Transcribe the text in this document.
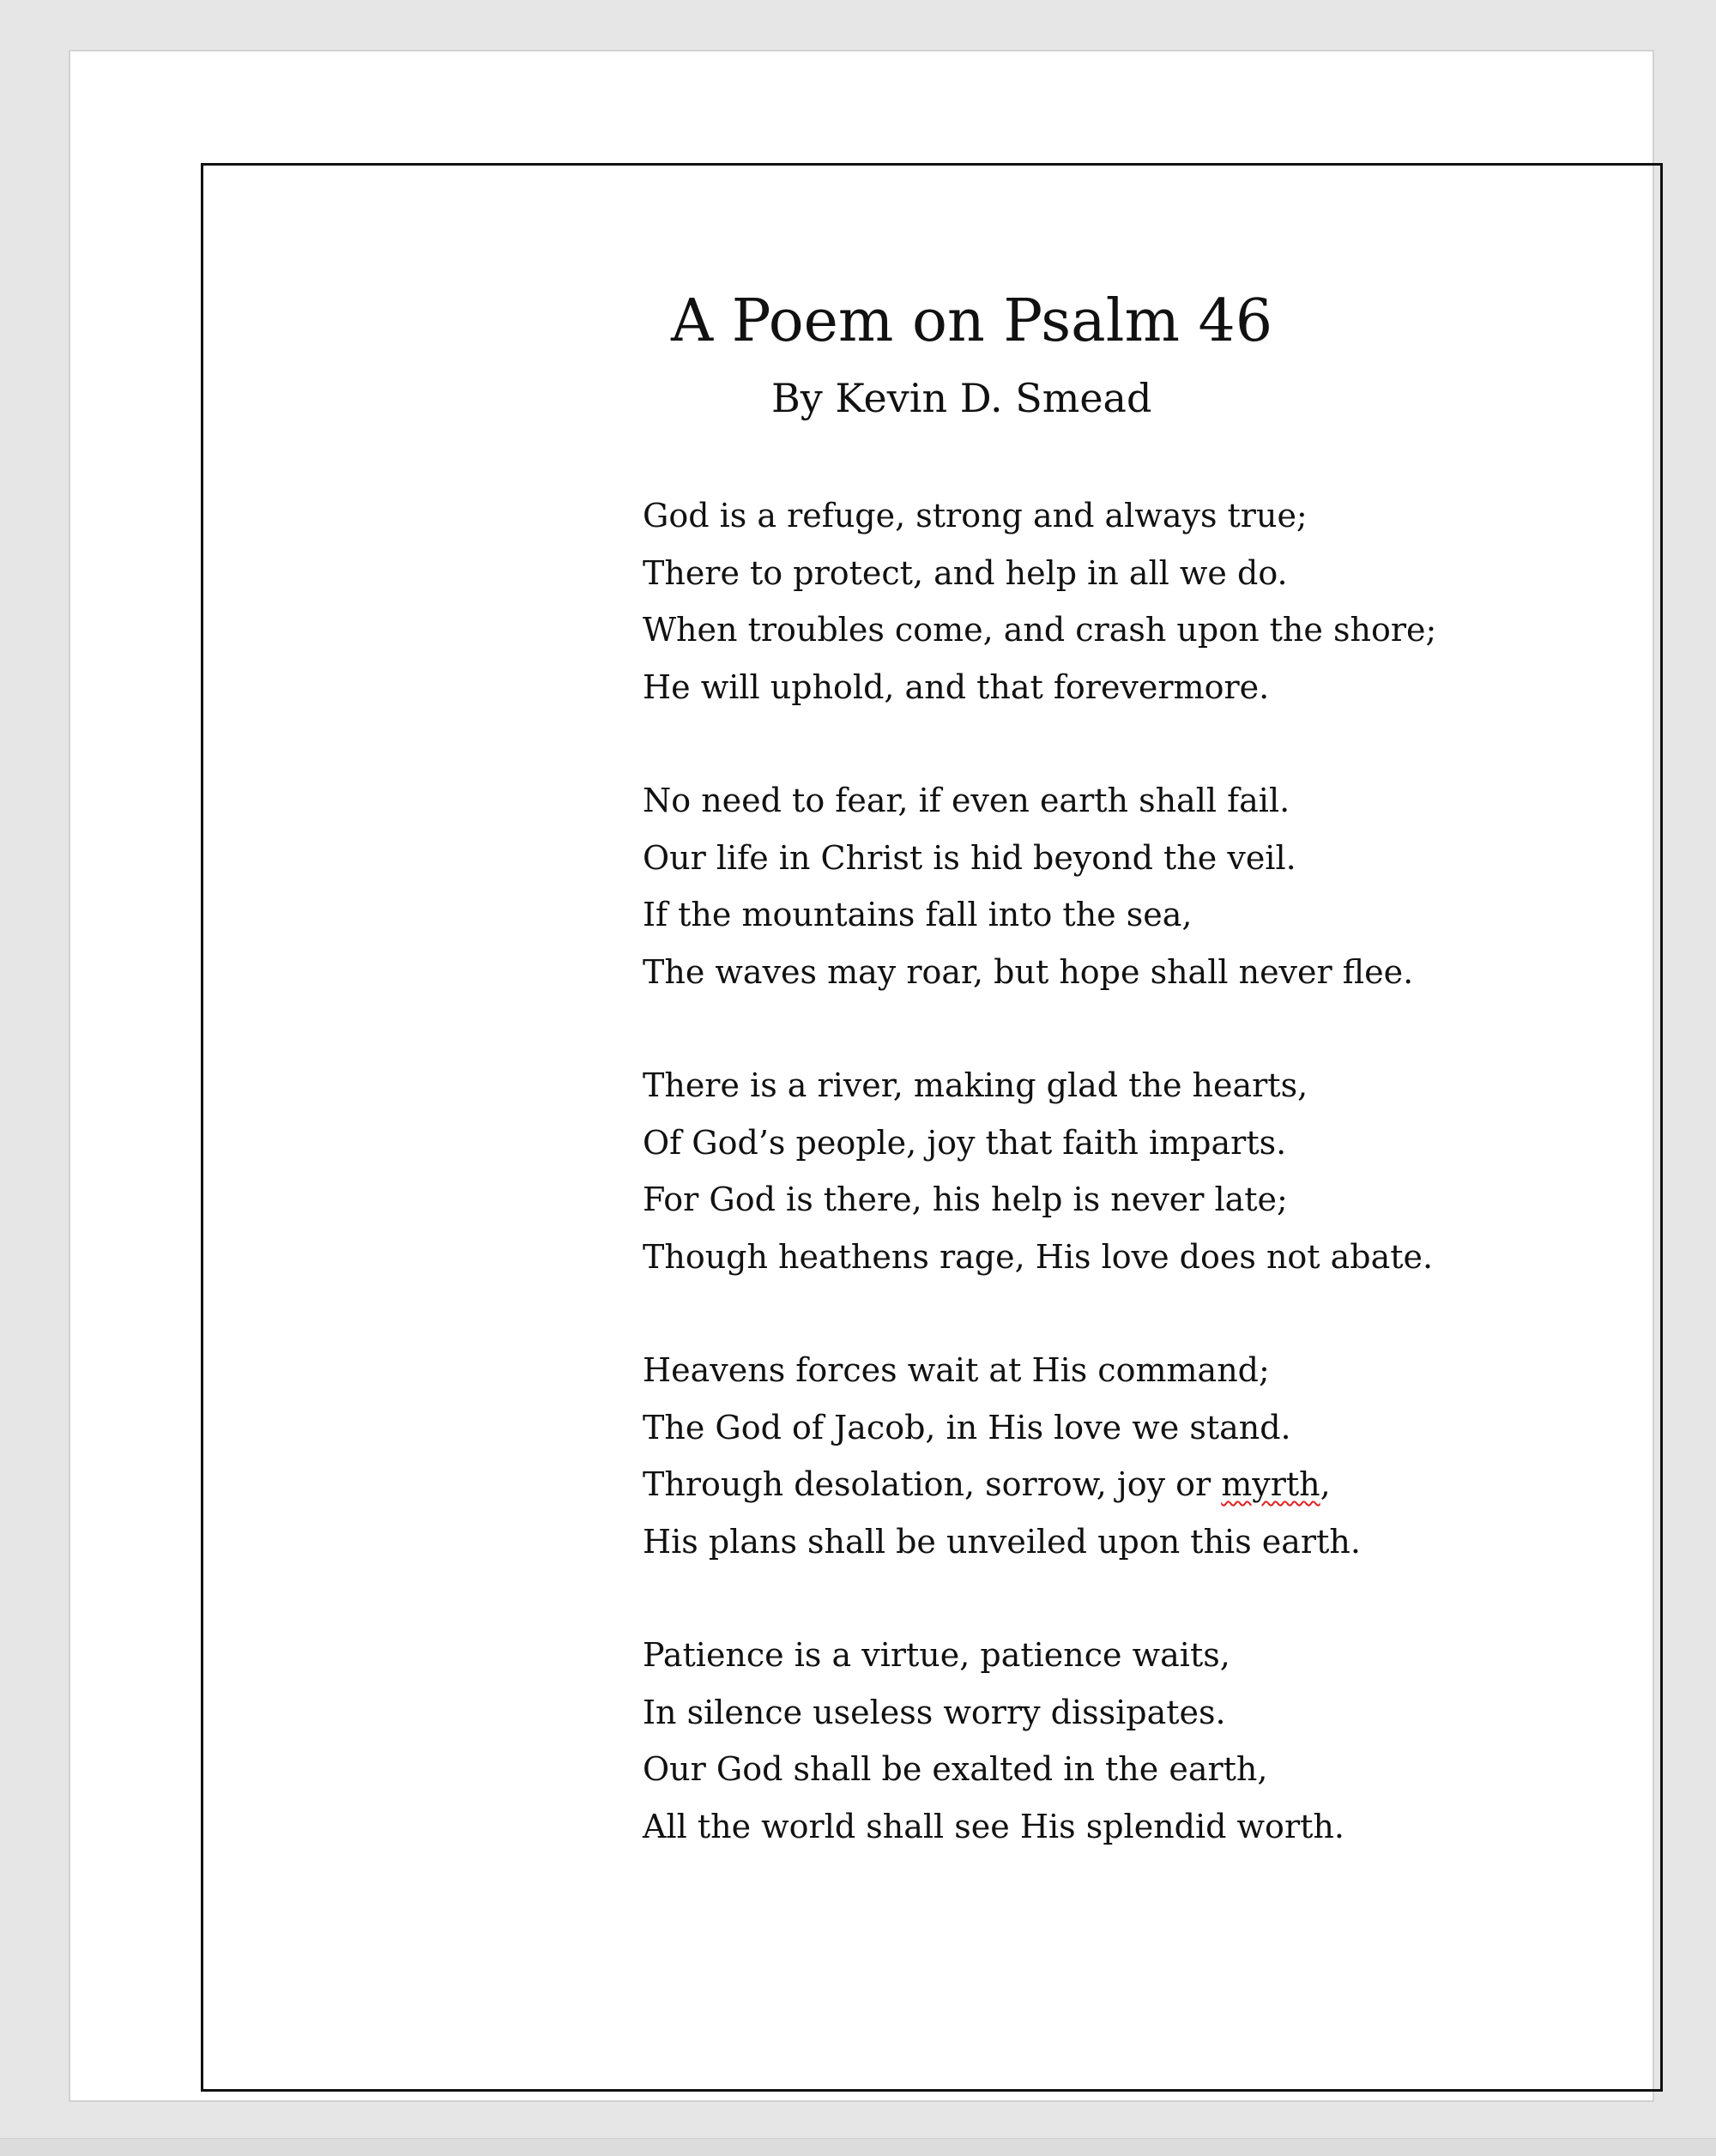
A Poem on Psalm 46

By Kevin D. Smead

God is a refuge, strong and always true;
There to protect, and help in all we do.
When troubles come, and crash upon the shore;
He will uphold, and that forevermore.
No need to fear, if even earth shall fail.
Our life in Christ is hid beyond the veil.
If the mountains fall into the sea,
The waves may roar, but hope shall never flee.
There is a river, making glad the hearts,
Of God’s people, joy that faith imparts.
For God is there, his help is never late;
Though heathens rage, His love does not abate.
Heavens forces wait at His command;
The God of Jacob, in His love we stand.
Through desolation, sorrow, joy or myrth,
His plans shall be unveiled upon this earth.
Patience is a virtue, patience waits,
In silence useless worry dissipates.
Our God shall be exalted in the earth,
All the world shall see His splendid worth.
